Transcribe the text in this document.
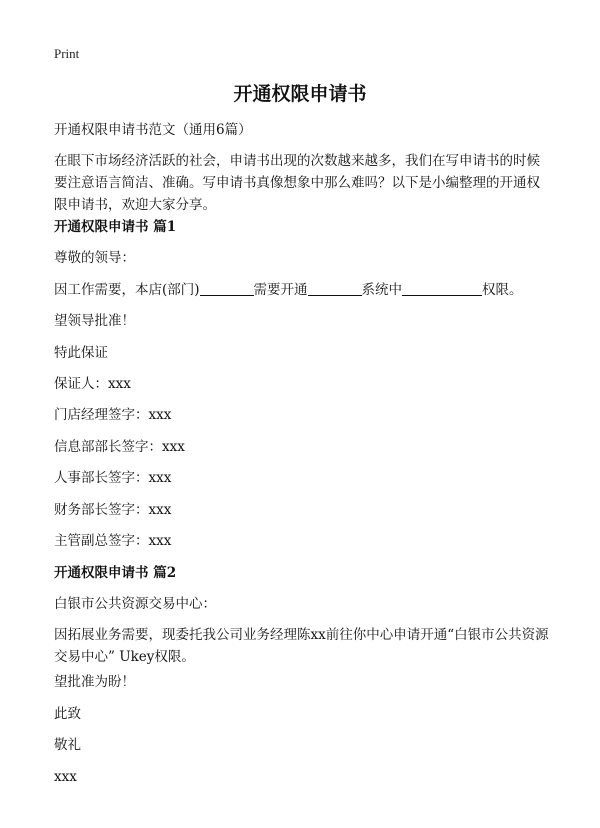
Print
开通权限申请书
开通权限申请书范文（通用6篇）
在眼下市场经济活跃的社会，申请书出现的次数越来越多，我们在写申请书的时候要注意语言简洁、准确。写申请书真像想象中那么难吗？以下是小编整理的开通权限申请书，欢迎大家分享。
开通权限申请书 篇1
尊敬的领导：
因工作需要，本店(部门)	需要开通	系统中	权限。
望领导批准！
特此保证
保证人：xxx
门店经理签字：xxx
信息部部长签字：xxx
人事部长签字：xxx
财务部长签字：xxx
主管副总签字：xxx
开通权限申请书 篇2
白银市公共资源交易中心：
因拓展业务需要，现委托我公司业务经理陈xx前往你中心申请开通“白银市公共资源交易中心” Ukey权限。
望批准为盼！
此致
敬礼
xxx
